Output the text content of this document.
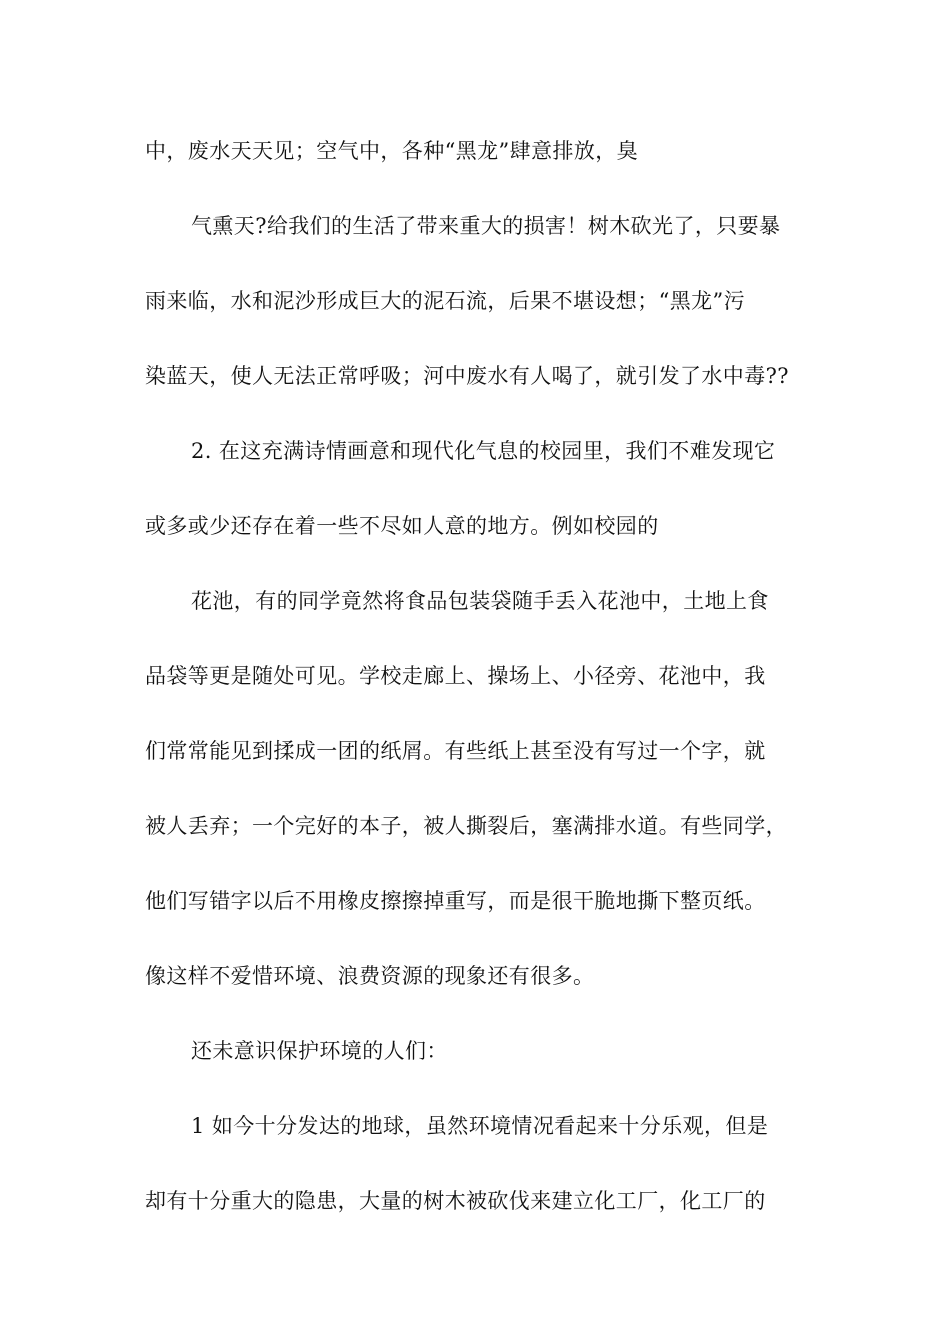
中，废水天天见；空气中，各种“黑龙”肆意排放，臭
气熏天?给我们的生活了带来重大的损害！树木砍光了，只要暴
雨来临，水和泥沙形成巨大的泥石流，后果不堪设想；“黑龙”污
染蓝天，使人无法正常呼吸；河中废水有人喝了，就引发了水中毒??
2. 在这充满诗情画意和现代化气息的校园里，我们不难发现它
或多或少还存在着一些不尽如人意的地方。例如校园的
花池，有的同学竟然将食品包装袋随手丢入花池中，土地上食
品袋等更是随处可见。学校走廊上、操场上、小径旁、花池中，我
们常常能见到揉成一团的纸屑。有些纸上甚至没有写过一个字，就
被人丢弃；一个完好的本子，被人撕裂后，塞满排水道。有些同学，
他们写错字以后不用橡皮擦擦掉重写，而是很干脆地撕下整页纸。
像这样不爱惜环境、浪费资源的现象还有很多。
还未意识保护环境的人们：
1 如今十分发达的地球，虽然环境情况看起来十分乐观，但是
却有十分重大的隐患，大量的树木被砍伐来建立化工厂，化工厂的
